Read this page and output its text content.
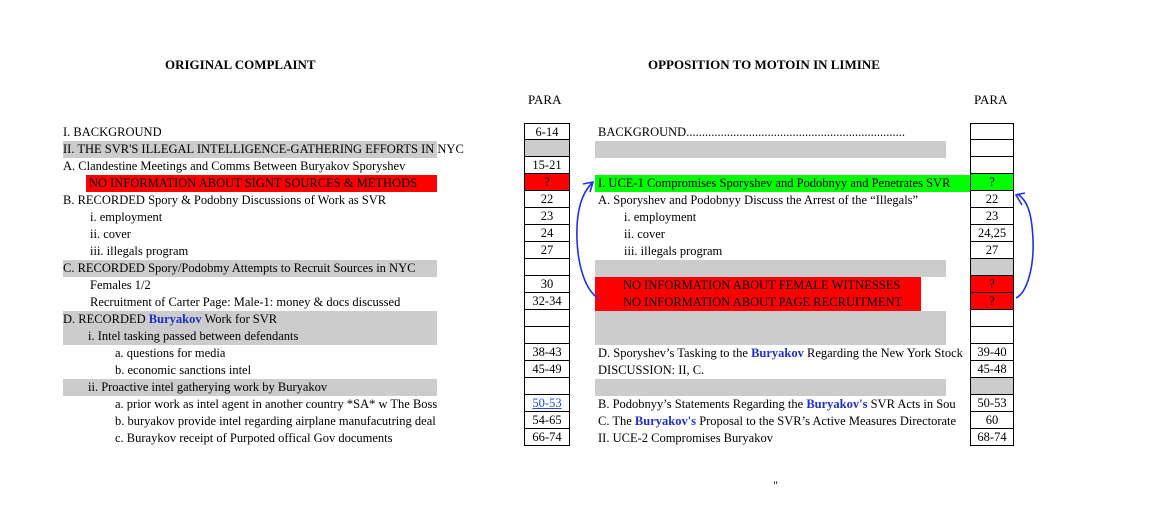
ORIGINAL COMPLAINT	OPPOSITION TO MOTOIN IN LIMINE
PARA	PARA
I. BACKGROUND
II. THE SVR'S ILLEGAL INTELLIGENCE-GATHERING EFFORTS IN NYC
A. Clandestine Meetings and Comms Between Buryakov Sporyshev
NO INFORMATION ABOUT SIGNT SOURCES & METHODS
B. RECORDED Spory & Podobny Discussions of Work as SVR
i. employment
ii. cover
iii. illegals program
C. RECORDED Spory/Podobmy Attempts to Recruit Sources in NYC
Females 1/2
Recruitment of Carter Page: Male-1: money & docs discussed
D. RECORDED Buryakov Work for SVR
i. Intel tasking passed between defendants
a. questions for media
b. economic sanctions intel
ii. Proactive intel gatherying work by Buryakov
a. prior work as intel agent in another country *SA* w The Boss
b. buryakov provide intel regarding airplane manufacutring deal
c. Buraykov receipt of Purpoted offical Gov documents
6-14
15-21
?
22
23
24
27
30
32-34
38-43
45-49
50-53
54-65
66-74
BACKGROUND......................................................................
I. UCE-1 Compromises Sporyshev and Podobnyy and Penetrates SVR
A. Sporyshev and Podobnyy Discuss the Arrest of the “Illegals”
i. employment
ii. cover
iii. illegals program
NO INFORMATION ABOUT FEMALE WITNESSES
NO INFORMATION ABOUT PAGE RECRUITMENT
D. Sporyshev’s Tasking to the Buryakov Regarding the New York Stock
DISCUSSION: II, C.
B. Podobnyy’s Statements Regarding the Buryakov's SVR Acts in Sou
C. The Buryakov's Proposal to the SVR’s Active Measures Directorate
II. UCE-2 Compromises Buryakov
?
22
23
24,25
27
?
?
39-40
45-48
50-53
60
68-74
"
